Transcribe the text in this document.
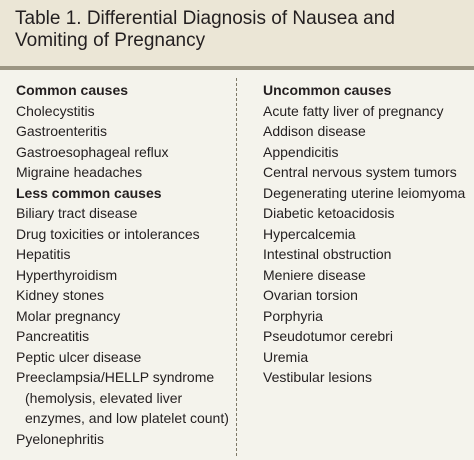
Table 1. Differential Diagnosis of Nausea and Vomiting of Pregnancy

Common causes

Cholecystitis

Gastroenteritis

Gastroesophageal reflux

Migraine headaches

Less common causes

Biliary tract disease

Drug toxicities or intolerances

Hepatitis

Hyperthyroidism

Kidney stones

Molar pregnancy

Pancreatitis

Peptic ulcer disease

Preeclampsia/HELLP syndrome

(hemolysis, elevated liver

enzymes, and low platelet count)

Pyelonephritis

Uncommon causes

Acute fatty liver of pregnancy

Addison disease

Appendicitis

Central nervous system tumors

Degenerating uterine leiomyoma

Diabetic ketoacidosis

Hypercalcemia

Intestinal obstruction

Meniere disease

Ovarian torsion

Porphyria

Pseudotumor cerebri

Uremia

Vestibular lesions
